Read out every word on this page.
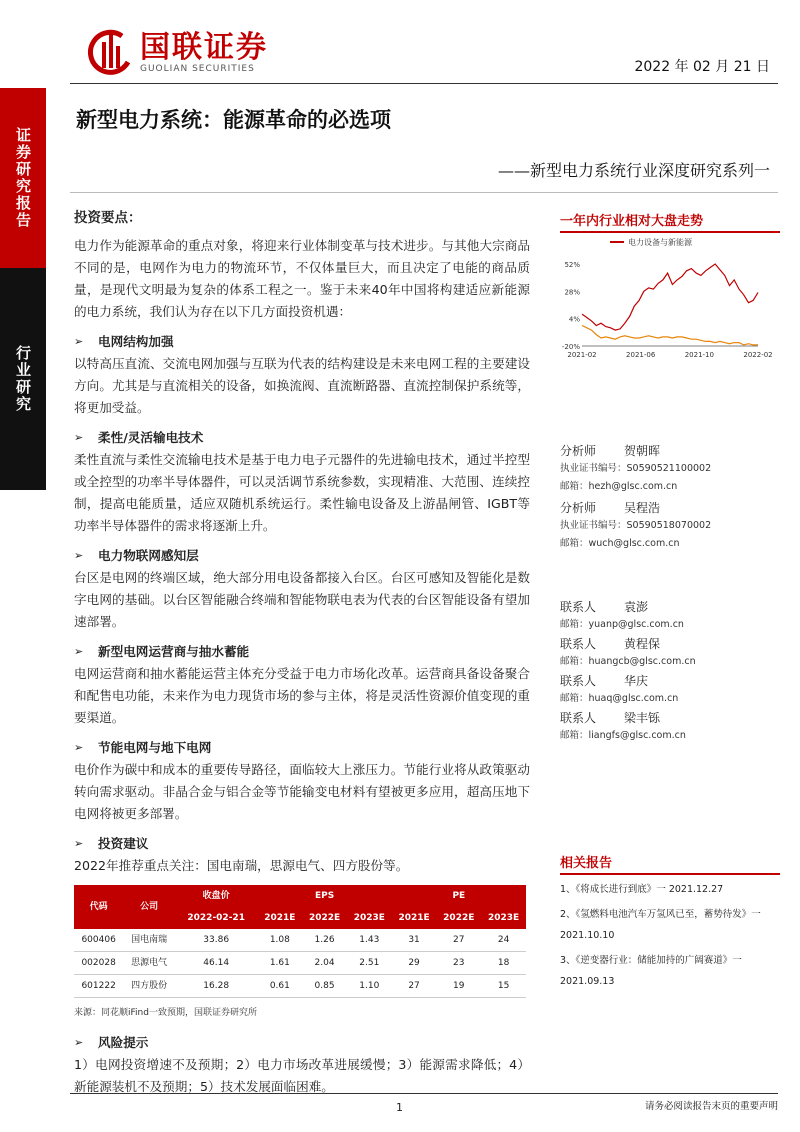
证券研究报告
行业研究
国联证券
GUOLIAN SECURITIES	2022 年 02 月 21 日
新型电力系统：能源革命的必选项
——新型电力系统行业深度研究系列一
投资要点：

电力作为能源革命的重点对象，将迎来行业体制变革与技术进步。与其他大宗商品不同的是，电网作为电力的物流环节，不仅体量巨大，而且决定了电能的商品质量，是现代文明最为复杂的体系工程之一。鉴于未来40年中国将构建适应新能源的电力系统，我们认为存在以下几方面投资机遇：

➢	电网结构加强

以特高压直流、交流电网加强与互联为代表的结构建设是未来电网工程的主要建设方向。尤其是与直流相关的设备，如换流阀、直流断路器、直流控制保护系统等，将更加受益。

➢	柔性/灵活输电技术

柔性直流与柔性交流输电技术是基于电力电子元器件的先进输电技术，通过半控型或全控型的功率半导体器件，可以灵活调节系统参数，实现精准、大范围、连续控制，提高电能质量，适应双随机系统运行。柔性输电设备及上游晶闸管、IGBT等功率半导体器件的需求将逐渐上升。

➢	电力物联网感知层

台区是电网的终端区域，绝大部分用电设备都接入台区。台区可感知及智能化是数字电网的基础。以台区智能融合终端和智能物联电表为代表的台区智能设备有望加速部署。

➢	新型电网运营商与抽水蓄能

电网运营商和抽水蓄能运营主体充分受益于电力市场化改革。运营商具备设备聚合和配售电功能，未来作为电力现货市场的参与主体，将是灵活性资源价值变现的重要渠道。

➢	节能电网与地下电网

电价作为碳中和成本的重要传导路径，面临较大上涨压力。节能行业将从政策驱动转向需求驱动。非晶合金与铝合金等节能输变电材料有望被更多应用，超高压地下电网将被更多部署。

➢	投资建议

2022年推荐重点关注：国电南瑞，思源电气、四方股份等。

代码	公司	收盘价	EPS			PE		
		2022-02-21	2021E	2022E	2023E	2021E	2022E	2023E
600406	国电南瑞	33.86	1.08	1.26	1.43	31	27	24
002028	思源电气	46.14	1.61	2.04	2.51	29	23	18
601222	四方股份	16.28	0.61	0.85	1.10	27	19	15
来源：同花顺iFind一致预期，国联证券研究所
➢	风险提示

1）电网投资增速不及预期；2）电力市场改革进展缓慢；3）能源需求降低；4）新能源装机不及预期；5）技术发展面临困难。

一年内行业相对大盘走势
电力设备与新能源
52%
28%
4%
-20%
2021-02	2021-06	2021-10	2022-02
分析师	贺朝晖
执业证书编号：S0590521100002
邮箱：hezh@glsc.com.cn
分析师	吴程浩
执业证书编号：S0590518070002
邮箱：wuch@glsc.com.cn
联系人	袁澎
邮箱：yuanp@glsc.com.cn
联系人	黄程保
邮箱：huangcb@glsc.com.cn
联系人	华庆
邮箱：huaq@glsc.com.cn
联系人	梁丰铄
邮箱：liangfs@glsc.com.cn
相关报告
1、《将成长进行到底》一 2021.12.27
2、《氢燃料电池汽车万氢风已至，蓄势待发》一 2021.10.10
3、《逆变器行业：储能加持的广阔赛道》一 2021.09.13
1	请务必阅读报告末页的重要声明
